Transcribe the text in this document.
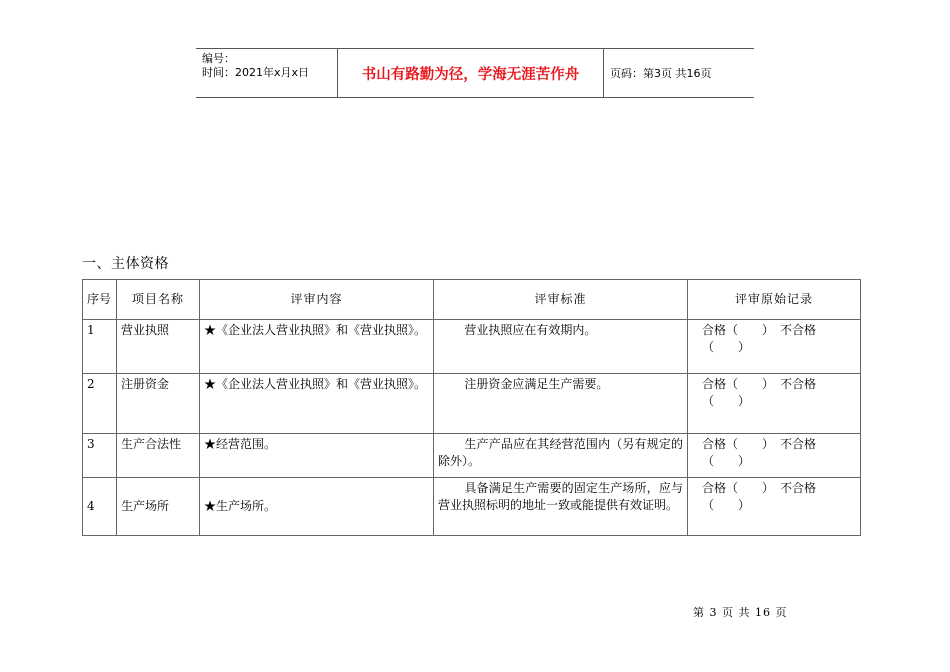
编号：
时间：2021年x月x日	书山有路勤为径，学海无涯苦作舟	页码：第3页 共16页
一、主体资格
序号	项目名称	评审内容	评审标准	评审原始记录
1	营业执照	★《企业法人营业执照》和《营业执照》。	营业执照应在有效期内。	合格（　　）　不合格（　　）
2	注册资金	★《企业法人营业执照》和《营业执照》。	注册资金应满足生产需要。	合格（　　）　不合格（　　）
3	生产合法性	★经营范围。	生产产品应在其经营范围内（另有规定的除外）。	合格（　　）　不合格（　　）
4	生产场所	★生产场所。	具备满足生产需要的固定生产场所，应与营业执照标明的地址一致或能提供有效证明。	合格（　　）　不合格（　　）
第 3 页 共 16 页
